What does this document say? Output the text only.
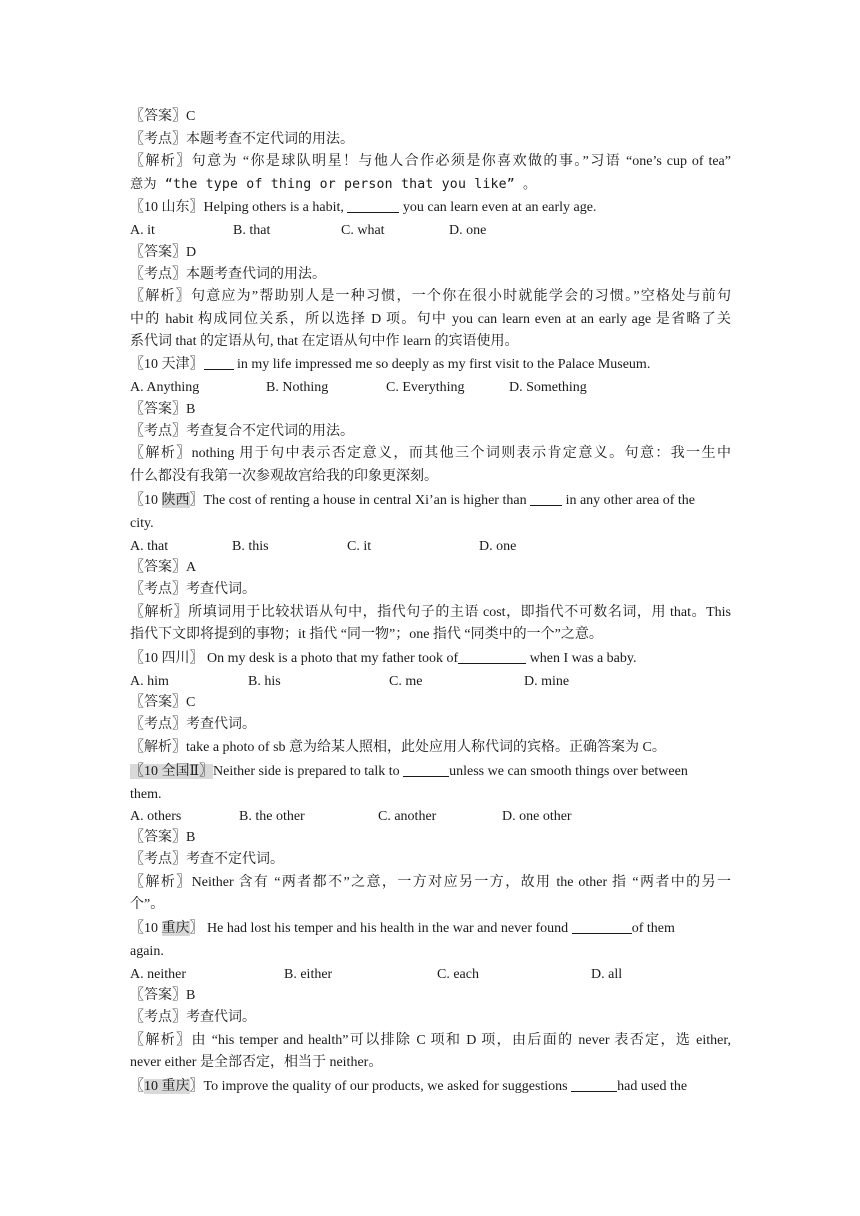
〖答案〗C
〖考点〗本题考查不定代词的用法。
〖解析〗句意为 “你是球队明星！与他人合作必须是你喜欢做的事。”习语 “one’s cup of tea”
意为 “the type of thing or person that you like” 。
〖10 山东〗Helping others is a habit,	you can learn even at an early age.
A. it	B. that	C. what	D. one
〖答案〗D
〖考点〗本题考查代词的用法。
〖解析〗句意应为”帮助别人是一种习惯，一个你在很小时就能学会的习惯。”空格处与前句
中的 habit 构成同位关系，所以选择 D 项。句中 you can learn even at an early age 是省略了关
系代词 that 的定语从句, that 在定语从句中作 learn 的宾语使用。
〖10 天津〗 in my life impressed me so deeply as my first visit to the Palace Museum.
A. Anything	B. Nothing	C. Everything	D. Something
〖答案〗B
〖考点〗考查复合不定代词的用法。
〖解析〗nothing 用于句中表示否定意义，而其他三个词则表示肯定意义。句意：我一生中
什么都没有我第一次参观故宫给我的印象更深刻。
〖10 陕西〗The cost of renting a house in central Xi’an is higher than  in any other area of the
city.
A. that	B. this	C. it	D. one
〖答案〗A
〖考点〗考查代词。
〖解析〗所填词用于比较状语从句中，指代句子的主语 cost，即指代不可数名词，用 that。This
指代下文即将提到的事物；it 指代 “同一物”；one 指代 “同类中的一个”之意。
〖10 四川〗 On my desk is a photo that my father took of	when I was a baby.
A. him	B. his	C. me	D. mine
〖答案〗C
〖考点〗考查代词。
〖解析〗take a photo of sb 意为给某人照相，此处应用人称代词的宾格。正确答案为 C。
〖10 全国Ⅱ〗Neither side is prepared to talk to	unless we can smooth things over between
them.
A. others	B. the other	C. another	D. one other
〖答案〗B
〖考点〗考查不定代词。
〖解析〗Neither 含有 “两者都不”之意，一方对应另一方，故用 the other 指 “两者中的另一
个”。
〖10 重庆〗 He had lost his temper and his health in the war and never found	of them
again.
A. neither	B. either	C. each	D. all
〖答案〗B
〖考点〗考查代词。
〖解析〗由 “his temper and health”可以排除 C 项和 D 项，由后面的 never 表否定，选 either,
never either 是全部否定，相当于 neither。
〖10 重庆〗To improve the quality of our products, we asked for suggestions	had used the
